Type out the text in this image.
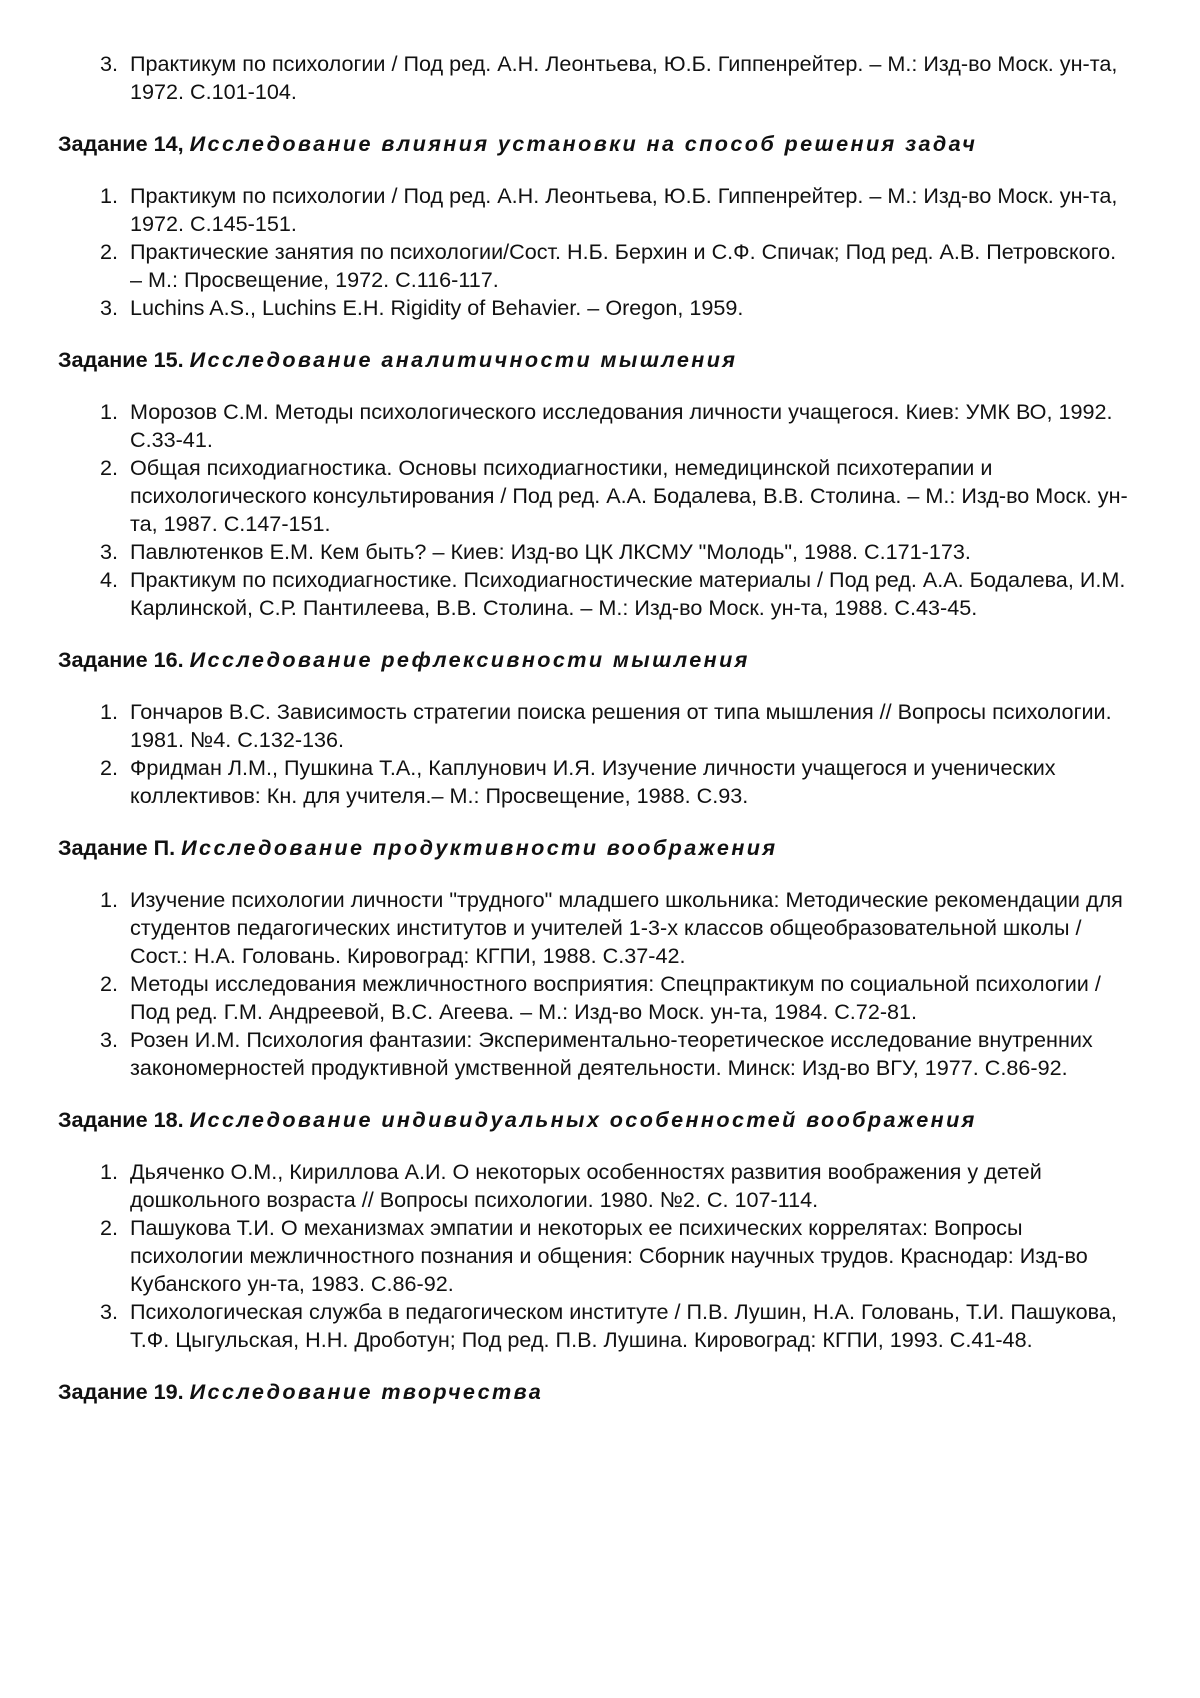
3. Практикум по психологии / Под ред. А.Н. Леонтьева, Ю.Б. Гиппенрейтер. – М.: Изд-во Моск. ун-та, 1972. С.101-104.
Задание 14, Исследование влияния установки на способ решения задач
1. Практикум по психологии / Под ред. А.Н. Леонтьева, Ю.Б. Гиппенрейтер. – М.: Изд-во Моск. ун-та, 1972. С.145-151.
2. Практические занятия по психологии/Сост. Н.Б. Берхин и С.Ф. Спичак; Под ред. А.В. Петровского. – М.: Просвещение, 1972. С.116-117.
3. Luchins A.S., Luchins E.H. Rigidity of Behavier. – Oregon, 1959.
Задание 15. Исследование аналитичности мышления
1. Морозов С.М. Методы психологического исследования личности учащегося. Киев: УМК ВО, 1992. С.33-41.
2. Общая психодиагностика. Основы психодиагностики, немедицинской психотерапии и психологического консультирования / Под ред. А.А. Бодалева, В.В. Столина. – М.: Изд-во Моск. ун-та, 1987. С.147-151.
3. Павлютенков Е.М. Кем быть? – Киев: Изд-во ЦК ЛКСМУ "Молодь", 1988. С.171-173.
4. Практикум по психодиагностике. Психодиагностические материалы / Под ред. А.А. Бодалева, И.М. Карлинской, С.Р. Пантилеева, В.В. Столина. – М.: Изд-во Моск. ун-та, 1988. С.43-45.
Задание 16. Исследование рефлексивности мышления
1. Гончаров В.С. Зависимость стратегии поиска решения от типа мышления // Вопросы психологии. 1981. №4. С.132-136.
2. Фридман Л.М., Пушкина Т.А., Каплунович И.Я. Изучение личности учащегося и ученических коллективов: Кн. для учителя.– М.: Просвещение, 1988. С.93.
Задание П. Исследование продуктивности воображения
1. Изучение психологии личности "трудного" младшего школьника: Методические рекомендации для студентов педагогических институтов и учителей 1-3-х классов общеобразовательной школы / Сост.: Н.А. Головань. Кировоград: КГПИ, 1988. С.37-42.
2. Методы исследования межличностного восприятия: Спецпрактикум по социальной психологии / Под ред. Г.М. Андреевой, В.С. Агеева. – М.: Изд-во Моск. ун-та, 1984. С.72-81.
3. Розен И.М. Психология фантазии: Экспериментально-теоретическое исследование внутренних закономерностей продуктивной умственной деятельности. Минск: Изд-во ВГУ, 1977. С.86-92.
Задание 18. Исследование индивидуальных особенностей воображения
1. Дьяченко О.М., Кириллова А.И. О некоторых особенностях развития воображения у детей дошкольного возраста // Вопросы психологии. 1980. №2. С. 107-114.
2. Пашукова Т.И. О механизмах эмпатии и некоторых ее психических коррелятах: Вопросы психологии межличностного познания и общения: Сборник научных трудов. Краснодар: Изд-во Кубанского ун-та, 1983. С.86-92.
3. Психологическая служба в педагогическом институте / П.В. Лушин, Н.А. Головань, Т.И. Пашукова, Т.Ф. Цыгульская, Н.Н. Дроботун; Под ред. П.В. Лушина. Кировоград: КГПИ, 1993. С.41-48.
Задание 19. Исследование творчества
